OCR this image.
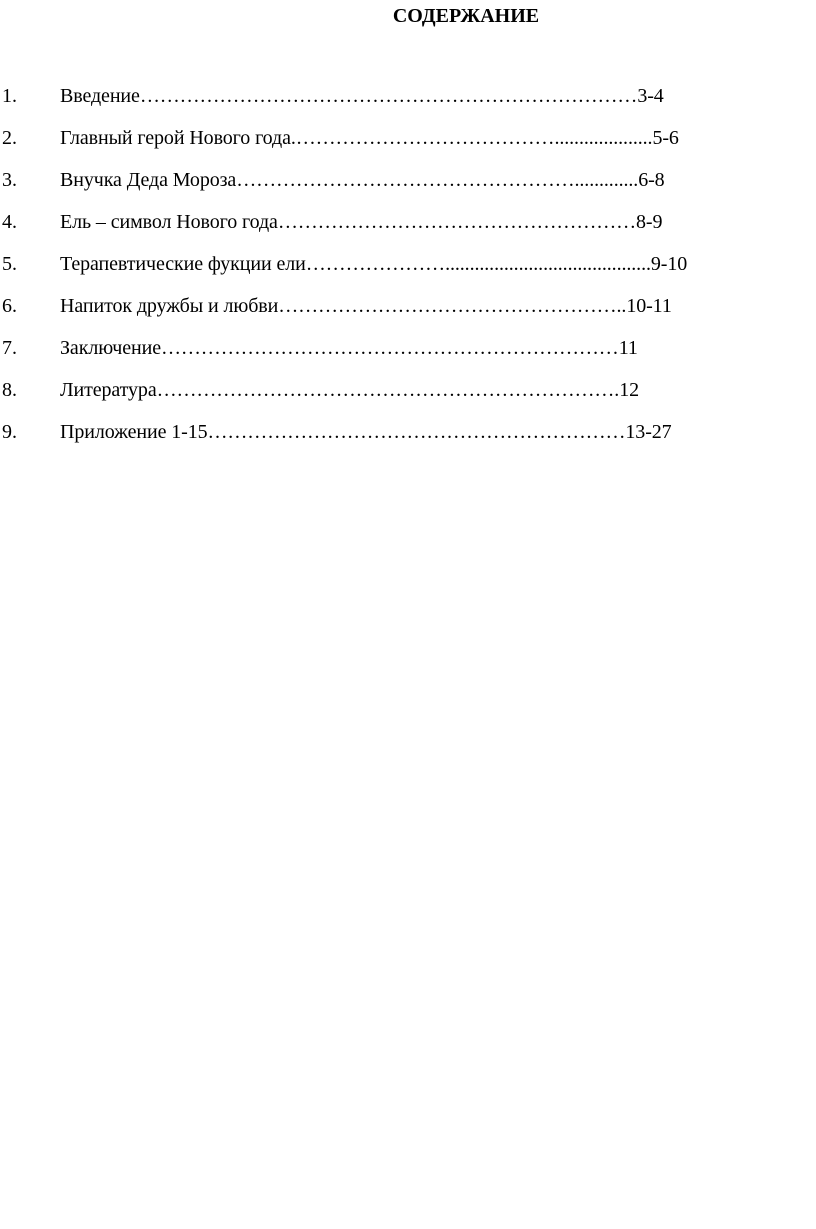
СОДЕРЖАНИЕ
1. Введение…………………………………………………………………3-4
2. Главный герой Нового года.…………………………………....................5-6
3. Внучка Деда Мороза…………………………………………….............6-8
4. Ель – символ Нового года………………………………………………8-9
5. Терапевтические фукции ели…………………..........................................9-10
6. Напиток дружбы и любви……………………………………………..10-11
7. Заключение……………………………………………………………11
8. Литература…………………………………………………………….12
9. Приложение 1-15………………………………………………………13-27
